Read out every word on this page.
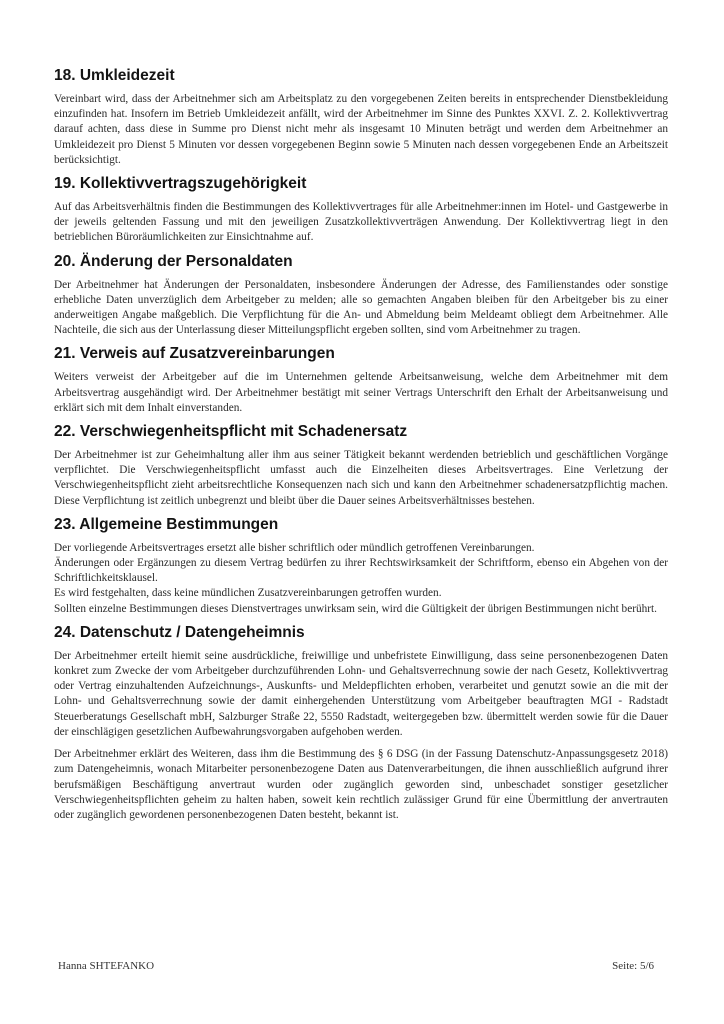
18. Umkleidezeit

Vereinbart wird, dass der Arbeitnehmer sich am Arbeitsplatz zu den vorgegebenen Zeiten bereits in entsprechender Dienstbekleidung einzufinden hat. Insofern im Betrieb Umkleidezeit anfällt, wird der Arbeitnehmer im Sinne des Punktes XXVI. Z. 2. Kollektivvertrag darauf achten, dass diese in Summe pro Dienst nicht mehr als insgesamt 10 Minuten beträgt und werden dem Arbeitnehmer an Umkleidezeit pro Dienst 5 Minuten vor dessen vorgegebenen Beginn sowie 5 Minuten nach dessen vorgegebenen Ende an Arbeitszeit berücksichtigt.

19. Kollektivvertragszugehörigkeit

Auf das Arbeitsverhältnis finden die Bestimmungen des Kollektivvertrages für alle Arbeitnehmer:innen im Hotel- und Gastgewerbe in der jeweils geltenden Fassung und mit den jeweiligen Zusatzkollektivverträgen Anwendung. Der Kollektivvertrag liegt in den betrieblichen Büroräumlichkeiten zur Einsichtnahme auf.

20. Änderung der Personaldaten

Der Arbeitnehmer hat Änderungen der Personaldaten, insbesondere Änderungen der Adresse, des Familienstandes oder sonstige erhebliche Daten unverzüglich dem Arbeitgeber zu melden; alle so gemachten Angaben bleiben für den Arbeitgeber bis zu einer anderweitigen Angabe maßgeblich. Die Verpflichtung für die An- und Abmeldung beim Meldeamt obliegt dem Arbeitnehmer. Alle Nachteile, die sich aus der Unterlassung dieser Mitteilungspflicht ergeben sollten, sind vom Arbeitnehmer zu tragen.

21. Verweis auf Zusatzvereinbarungen

Weiters verweist der Arbeitgeber auf die im Unternehmen geltende Arbeitsanweisung, welche dem Arbeitnehmer mit dem Arbeitsvertrag ausgehändigt wird. Der Arbeitnehmer bestätigt mit seiner Vertrags Unterschrift den Erhalt der Arbeitsanweisung und erklärt sich mit dem Inhalt einverstanden.

22. Verschwiegenheitspflicht mit Schadenersatz

Der Arbeitnehmer ist zur Geheimhaltung aller ihm aus seiner Tätigkeit bekannt werdenden betrieblich und geschäftlichen Vorgänge verpflichtet. Die Verschwiegenheitspflicht umfasst auch die Einzelheiten dieses Arbeitsvertrages. Eine Verletzung der Verschwiegenheitspflicht zieht arbeitsrechtliche Konsequenzen nach sich und kann den Arbeitnehmer schadenersatzpflichtig machen. Diese Verpflichtung ist zeitlich unbegrenzt und bleibt über die Dauer seines Arbeitsverhältnisses bestehen.

23. Allgemeine Bestimmungen

Der vorliegende Arbeitsvertrages ersetzt alle bisher schriftlich oder mündlich getroffenen Vereinbarungen.

Änderungen oder Ergänzungen zu diesem Vertrag bedürfen zu ihrer Rechtswirksamkeit der Schriftform, ebenso ein Abgehen von der Schriftlichkeitsklausel.

Es wird festgehalten, dass keine mündlichen Zusatzvereinbarungen getroffen wurden.

Sollten einzelne Bestimmungen dieses Dienstvertrages unwirksam sein, wird die Gültigkeit der übrigen Bestimmungen nicht berührt.

24. Datenschutz / Datengeheimnis

Der Arbeitnehmer erteilt hiemit seine ausdrückliche, freiwillige und unbefristete Einwilligung, dass seine personenbezogenen Daten konkret zum Zwecke der vom Arbeitgeber durchzuführenden Lohn- und Gehaltsverrechnung sowie der nach Gesetz, Kollektivvertrag oder Vertrag einzuhaltenden Aufzeichnungs-, Auskunfts- und Meldepflichten erhoben, verarbeitet und genutzt sowie an die mit der Lohn- und Gehaltsverrechnung sowie der damit einhergehenden Unterstützung vom Arbeitgeber beauftragten MGI - Radstadt Steuerberatungs Gesellschaft mbH, Salzburger Straße 22, 5550 Radstadt, weitergegeben bzw. übermittelt werden sowie für die Dauer der einschlägigen gesetzlichen Aufbewahrungsvorgaben aufgehoben werden.

Der Arbeitnehmer erklärt des Weiteren, dass ihm die Bestimmung des § 6 DSG (in der Fassung Datenschutz-Anpassungsgesetz 2018) zum Datengeheimnis, wonach Mitarbeiter personenbezogene Daten aus Datenverarbeitungen, die ihnen ausschließlich aufgrund ihrer berufsmäßigen Beschäftigung anvertraut wurden oder zugänglich geworden sind, unbeschadet sonstiger gesetzlicher Verschwiegenheitspflichten geheim zu halten haben, soweit kein rechtlich zulässiger Grund für eine Übermittlung der anvertrauten oder zugänglich gewordenen personenbezogenen Daten besteht, bekannt ist.

Hanna SHTEFANKO	Seite: 5/6
